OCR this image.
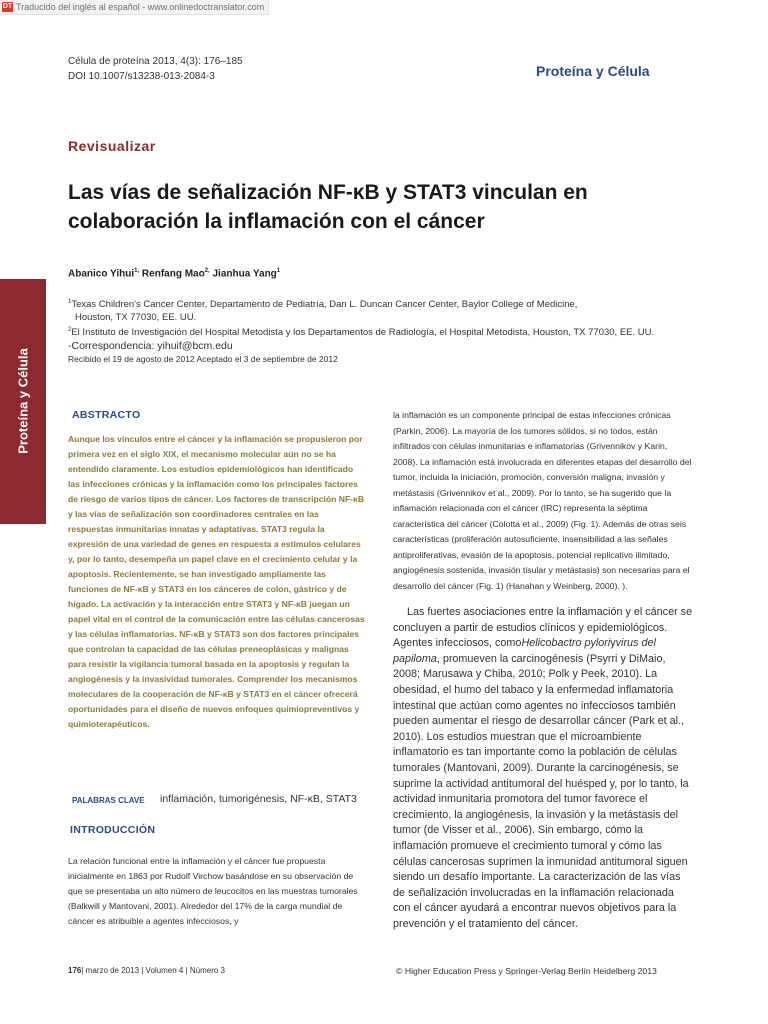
DT Traducido del inglés al español - www.onlinedoctranslator.com
Célula de proteína 2013, 4(3): 176–185
DOI 10.1007/s13238-013-2084-3	Proteína y Célula
Revisualizar
Las vías de señalización NF-κB y STAT3 vinculan en colaboración la inflamación con el cáncer
Abanico Yihui$^{1,}$ Renfang Mao$^{2,}$ Jianhua Yang$^1$
$^1$Texas Children's Cancer Center, Departamento de Pediatría, Dan L. Duncan Cancer Center, Baylor College of Medicine,
Houston, TX 77030, EE. UU.
$^2$El Instituto de Investigación del Hospital Metodista y los Departamentos de Radiología, el Hospital Metodista, Houston, TX 77030, EE. UU.
-Correspondencia: yihuif@bcm.edu
Recibido el 19 de agosto de 2012 Aceptado el 3 de septiembre de 2012
Proteína y Célula	ABSTRACTO
Aunque los vínculos entre el cáncer y la inflamación se propusieron por primera vez en el siglo XIX, el mecanismo molecular aún no se ha entendido claramente. Los estudios epidemiológicos han identificado las infecciones crónicas y la inflamación como los principales factores de riesgo de varios tipos de cáncer. Los factores de transcripción NF-κB y las vías de señalización son coordinadores centrales en las respuestas inmunitarias innatas y adaptativas. STAT3 regula la expresión de una variedad de genes en respuesta a estímulos celulares y, por lo tanto, desempeña un papel clave en el crecimiento celular y la apoptosis. Recientemente, se han investigado ampliamente las funciones de NF-κB y STAT3 en los cánceres de colon, gástrico y de hígado. La activación y la interacción entre STAT3 y NF-κB juegan un papel vital en el control de la comunicación entre las células cancerosas y las células inflamatorias. NF-κB y STAT3 son dos factores principales que controlan la capacidad de las células preneoplásicas y malignas para resistir la vigilancia tumoral basada en la apoptosis y regulan la angiogénesis y la invasividad tumorales. Comprender los mecanismos moleculares de la cooperación de NF-κB y STAT3 en el cáncer ofrecerá oportunidades para el diseño de nuevos enfoques quimiopreventivos y quimioterapéuticos.
PALABRAS CLAVE inflamación, tumorigénesis, NF-κB, STAT3
INTRODUCCIÓN
La relación funcional entre la inflamación y el cáncer fue propuesta inicialmente en 1863 por Rudolf Virchow basándose en su observación de que se presentaba un alto número de leucocitos en las muestras tumorales (Balkwill y Mantovani, 2001). Alrededor del 17% de la carga mundial de cáncer es atribuible a agentes infecciosos, y
la inflamación es un componente principal de estas infecciones crónicas (Parkin, 2006). La mayoría de los tumores sólidos, si no todos, están infiltrados con células inmunitarias e inflamatorias (Grivennikov y Karin, 2008). La inflamación está involucrada en diferentes etapas del desarrollo del tumor, incluida la iniciación, promoción, conversión maligna, invasión y metástasis (Grivennikov et al., 2009). Por lo tanto, se ha sugerido que la inflamación relacionada con el cáncer (IRC) representa la séptima característica del cáncer (Colotta et al., 2009) (Fig. 1). Además de otras seis características (proliferación autosuficiente, insensibilidad a las señales antiproliferativas, evasión de la apoptosis, potencial replicativo ilimitado, angiogénesis sostenida, invasión tisular y metástasis) son necesarias para el desarrollo del cáncer (Fig. 1) (Hanahan y Weinberg, 2000). ).
Las fuertes asociaciones entre la inflamación y el cáncer se concluyen a partir de estudios clínicos y epidemiológicos. Agentes infecciosos, comoHelicobactro pyloriyvirus del papiloma, promueven la carcinogénesis (Psyrri y DiMaio, 2008; Marusawa y Chiba, 2010; Polk y Peek, 2010). La obesidad, el humo del tabaco y la enfermedad inflamatoria intestinal que actúan como agentes no infecciosos también pueden aumentar el riesgo de desarrollar cáncer (Park et al., 2010). Los estudios muestran que el microambiente inflamatorio es tan importante como la población de células tumorales (Mantovani, 2009). Durante la carcinogénesis, se suprime la actividad antitumoral del huésped y, por lo tanto, la actividad inmunitaria promotora del tumor favorece el crecimiento, la angiogénesis, la invasión y la metástasis del tumor (de Visser et al., 2006). Sin embargo, cómo la inflamación promueve el crecimiento tumoral y cómo las células cancerosas suprimen la inmunidad antitumoral siguen siendo un desafío importante. La caracterización de las vías de señalización involucradas en la inflamación relacionada con el cáncer ayudará a encontrar nuevos objetivos para la prevención y el tratamiento del cáncer.
176| marzo de 2013 | Volumen 4 | Número 3	© Higher Education Press y Springer-Verlag Berlín Heidelberg 2013
